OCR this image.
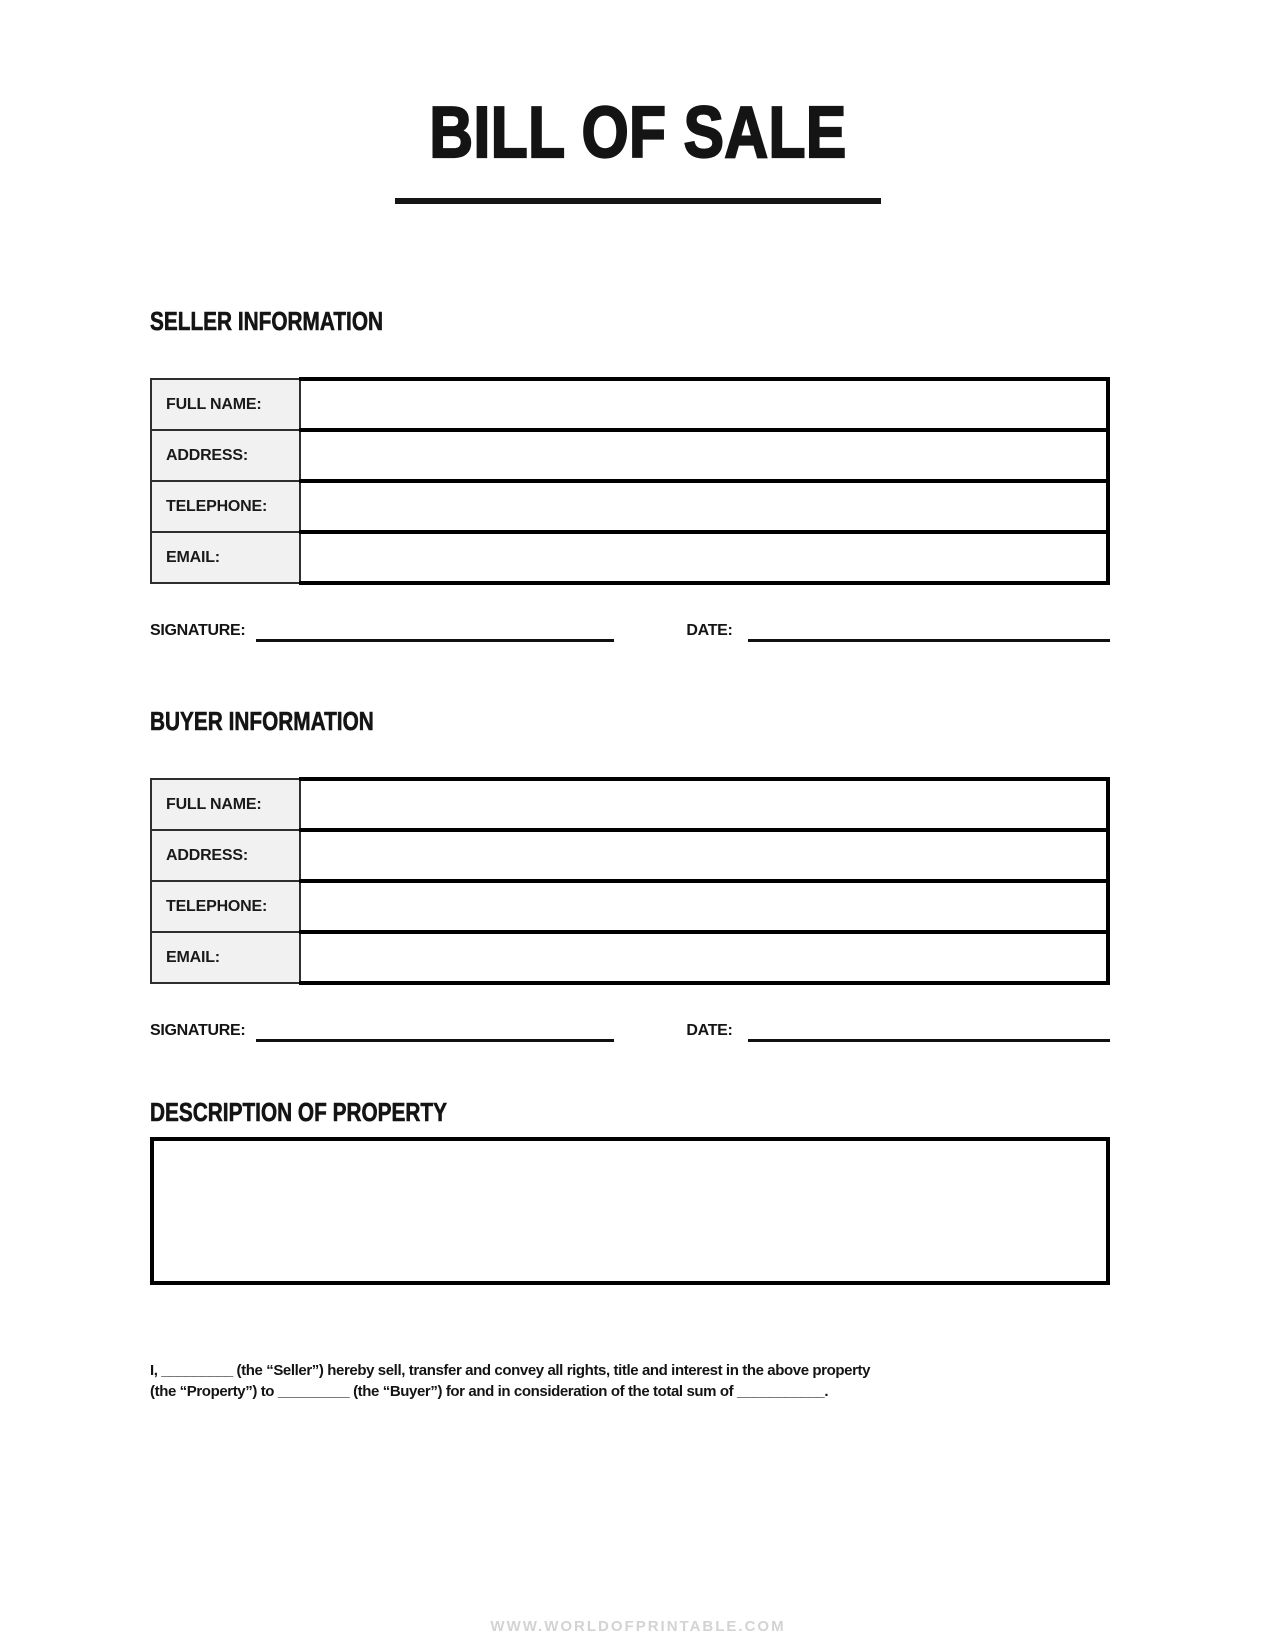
BILL OF SALE
SELLER INFORMATION
FULL NAME:	
ADDRESS:	
TELEPHONE:	
EMAIL:	
SIGNATURE:	DATE:
BUYER INFORMATION
FULL NAME:	
ADDRESS:	
TELEPHONE:	
EMAIL:	
SIGNATURE:	DATE:
DESCRIPTION OF PROPERTY

I, _________ (the “Seller”) hereby sell, transfer and convey all rights, title and interest in the above property
(the “Property”) to _________ (the “Buyer”) for and in consideration of the total sum of ___________.

WWW.WORLDOFPRINTABLE.COM
